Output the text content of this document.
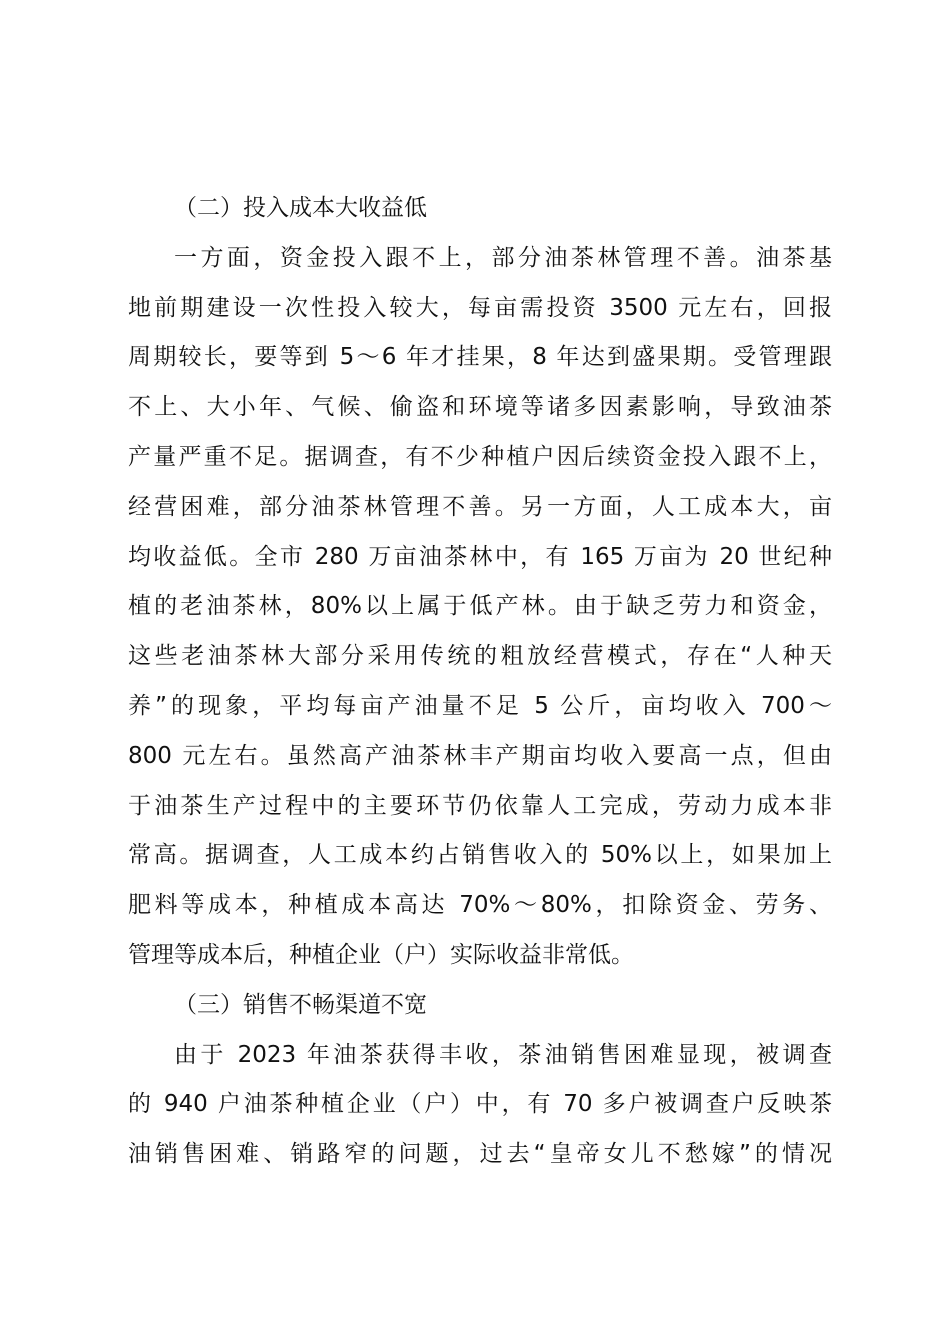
（二）投入成本大收益低

一方面，资金投入跟不上，部分油茶林管理不善。油茶基
地前期建设一次性投入较大，每亩需投资 3500 元左右，回报
周期较长，要等到 5～6 年才挂果，8 年达到盛果期。受管理跟
不上、大小年、气候、偷盗和环境等诸多因素影响，导致油茶
产量严重不足。据调查，有不少种植户因后续资金投入跟不上，
经营困难，部分油茶林管理不善。另一方面，人工成本大，亩
均收益低。全市 280 万亩油茶林中，有 165 万亩为 20 世纪种
植的老油茶林，80%以上属于低产林。由于缺乏劳力和资金，
这些老油茶林大部分采用传统的粗放经营模式，存在“人种天
养”的现象，平均每亩产油量不足 5 公斤，亩均收入 700～
800 元左右。虽然高产油茶林丰产期亩均收入要高一点，但由
于油茶生产过程中的主要环节仍依靠人工完成，劳动力成本非
常高。据调查，人工成本约占销售收入的 50%以上，如果加上
肥料等成本，种植成本高达 70%～80%，扣除资金、劳务、
管理等成本后，种植企业（户）实际收益非常低。

（三）销售不畅渠道不宽

由于 2023 年油茶获得丰收，茶油销售困难显现，被调查
的 940 户油茶种植企业（户）中，有 70 多户被调查户反映茶
油销售困难、销路窄的问题，过去“皇帝女儿不愁嫁”的情况
